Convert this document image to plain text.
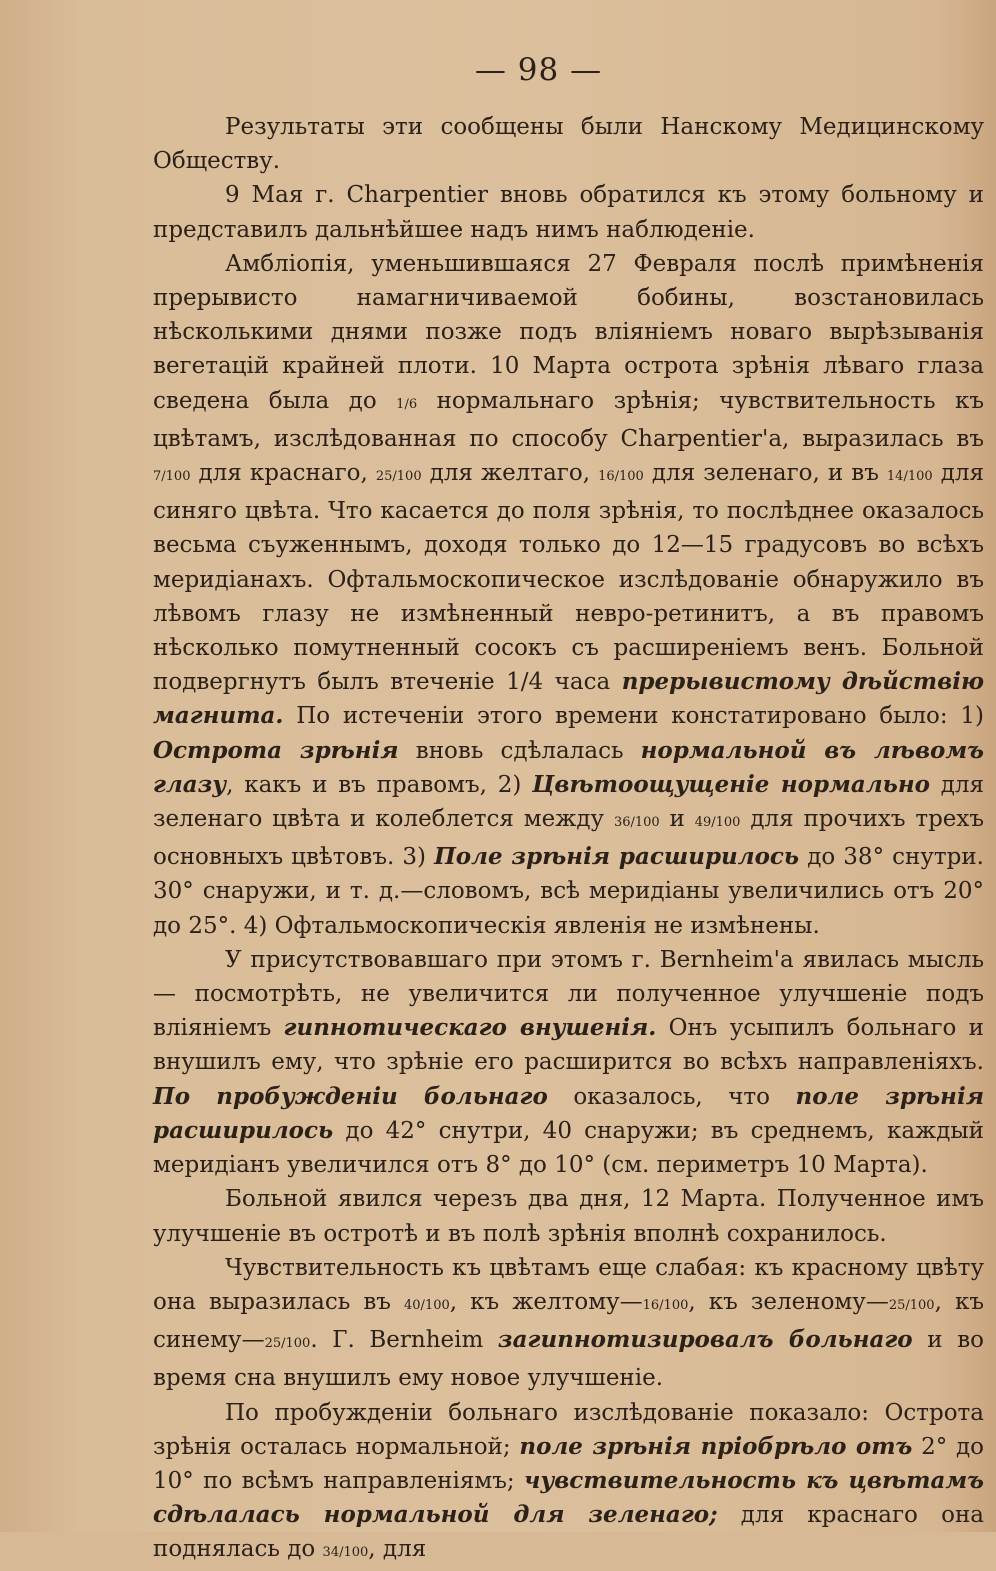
— 98 —

Результаты эти сообщены были Нанскому Медицинскому Обществу.

9 Мая г. Charpentier вновь обратился къ этому больному и представилъ дальнѣйшее надъ нимъ наблюденіе.

Амбліопія, уменьшившаяся 27 Февраля послѣ примѣненія прерывисто намагничиваемой бобины, возстановилась нѣсколькими днями позже подъ вліяніемъ новаго вырѣзыванія вегетацій крайней плоти. 10 Марта острота зрѣнія лѣваго глаза сведена была до 1/6 нормальнаго зрѣнія; чувствительность къ цвѣтамъ, изслѣдованная по способу Charpentier'a, выразилась въ 7/100 для краснаго, 25/100 для желтаго, 16/100 для зеленаго, и въ 14/100 для синяго цвѣта. Что касается до поля зрѣнія, то послѣднее оказалось весьма съуженнымъ, доходя только до 12—15 градусовъ во всѣхъ меридіанахъ. Офтальмоскопическое изслѣдованіе обнаружило въ лѣвомъ глазу не измѣненный невро-ретинитъ, а въ правомъ нѣсколько помутненный сосокъ съ расширеніемъ венъ. Больной подвергнутъ былъ втеченіе 1/4 часа прерывистому дѣйствію магнита. По истеченіи этого времени констатировано было: 1) Острота зрѣнія вновь сдѣлалась нормальной въ лѣвомъ глазу, какъ и въ правомъ, 2) Цвѣтоощущеніе нормально для зеленаго цвѣта и колеблется между 36/100 и 49/100 для прочихъ трехъ основныхъ цвѣтовъ. 3) Поле зрѣнія расширилось до 38° снутри. 30° снаружи, и т. д.—словомъ, всѣ меридіаны увеличились отъ 20° до 25°. 4) Офтальмоскопическія явленія не измѣнены.

У присутствовавшаго при этомъ г. Bernheim'a явилась мысль— посмотрѣть, не увеличится ли полученное улучшеніе подъ вліяніемъ гипнотическаго внушенія. Онъ усыпилъ больнаго и внушилъ ему, что зрѣніе его расширится во всѣхъ направленіяхъ. По пробужденіи больнаго оказалось, что поле зрѣнія расширилось до 42° снутри, 40 снаружи; въ среднемъ, каждый меридіанъ увеличился отъ 8° до 10° (см. периметръ 10 Марта).

Больной явился черезъ два дня, 12 Марта. Полученное имъ улучшеніе въ остротѣ и въ полѣ зрѣнія вполнѣ сохранилось.

Чувствительность къ цвѣтамъ еще слабая: къ красному цвѣту она выразилась въ 40/100, къ желтому—16/100, къ зеленому—25/100, къ синему—25/100. Г. Bernheim загипнотизировалъ больнаго и во время сна внушилъ ему новое улучшеніе.

По пробужденіи больнаго изслѣдованіе показало: Острота зрѣнія осталась нормальной; поле зрѣнія пріобрѣло отъ 2° до 10° по всѣмъ направленіямъ; чувствительность къ цвѣтамъ сдѣлалась нормальной для зеленаго; для краснаго она поднялась до 34/100, для
